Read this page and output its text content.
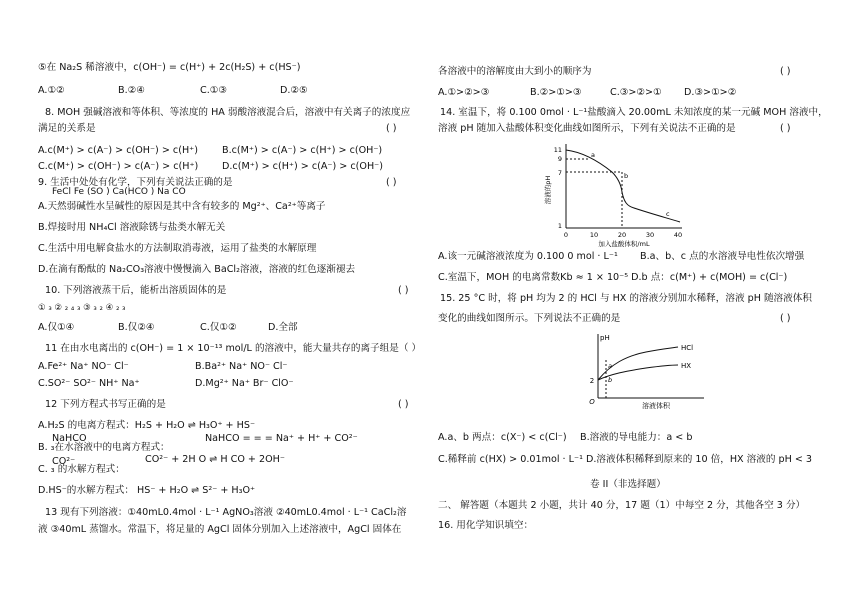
⑤在 Na₂S 稀溶液中，c(OH⁻) = c(H⁺) + 2c(H₂S) + c(HS⁻)
A.①②	B.②④	C.①③	D.②⑤
8. MOH 强碱溶液和等体积、等浓度的 HA 弱酸溶液混合后，溶液中有关离子的浓度应
满足的关系是	( )
A.c(M⁺) > c(A⁻) > c(OH⁻) > c(H⁺)	B.c(M⁺) > c(A⁻) > c(H⁺) > c(OH⁻)
C.c(M⁺) > c(OH⁻) > c(A⁻) > c(H⁺) D.c(M⁺) > c(H⁺) > c(A⁻) > c(OH⁻)
9. 生活中处处有化学，下列有关说法正确的是	( )
FeCl Fe (SO ) Ca(HCO ) Na CO
A.天然弱碱性水呈碱性的原因是其中含有较多的 Mg²⁺、Ca²⁺等离子
B.焊接时用 NH₄Cl 溶液除锈与盐类水解无关
C.生活中用电解食盐水的方法制取消毒液，运用了盐类的水解原理
D.在滴有酚酞的 Na₂CO₃溶液中慢慢滴入 BaCl₂溶液，溶液的红色逐渐褪去
10. 下列溶液蒸干后，能析出溶质固体的是	( )
① ₃ ② ₂ ₄ ₃ ③ ₃ ₂ ④ ₂ ₃
A.仅①④	B.仅②④	C.仅①②	D.全部
11 在由水电离出的 c(OH⁻) = 1 × 10⁻¹³ mol/L 的溶液中，能大量共存的离子组是（ ）
A.Fe²⁺ Na⁺ NO⁻ Cl⁻	B.Ba²⁺ Na⁺ NO⁻ Cl⁻
C.SO²⁻ SO²⁻ NH⁺ Na⁺	D.Mg²⁺ Na⁺ Br⁻ ClO⁻
12 下列方程式书写正确的是	( )
A.H₂S 的电离方程式：H₂S + H₂O ⇌ H₃O⁺ + HS⁻
NaHCO
B. ₃在水溶液中的电离方程式：
NaHCO = = = Na⁺ + H⁺ + CO²⁻
CO²⁻
C. ₃ 的水解方程式：
CO²⁻ + 2H O ⇌ H CO + 2OH⁻
D.HS⁻的水解方程式： HS⁻ + H₂O ⇌ S²⁻ + H₃O⁺
13 现有下列溶液：①40mL0.4mol · L⁻¹ AgNO₃溶液 ②40mL0.4mol · L⁻¹ CaCl₂溶
液 ③40mL 蒸馏水。常温下，将足量的 AgCl 固体分别加入上述溶液中，AgCl 固体在
各溶液中的溶解度由大到小的顺序为	( )
A.①>②>③	B.②>①>③	C.③>②>① D.③>①>②
14. 室温下，将 0.100 0mol · L⁻¹盐酸滴入 20.00mL 未知浓度的某一元碱 MOH 溶液中，
溶液 pH 随加入盐酸体积变化曲线如图所示，下列有关说法不正确的是	( )
溶液的pH
11
9
7
1
0	10	20	30	40
加入盐酸体积/mL
a
b
c
A.该一元碱溶液浓度为 0.100 0 mol · L⁻¹ B.a、b、c 点的水溶液导电性依次增强
C.室温下，MOH 的电离常数Kb ≈ 1 × 10⁻⁵ D.b 点：c(M⁺) + c(MOH) = c(Cl⁻)
15. 25 °C 时，将 pH 均为 2 的 HCl 与 HX 的溶液分别加水稀释，溶液 pH 随溶液体积
变化的曲线如图所示。下列说法不正确的是	( )
pH
2
O	溶液体积
HCl
HX
a
b
A.a、b 两点：c(X⁻) < c(Cl⁻) B.溶液的导电能力：a < b
C.稀释前 c(HX) > 0.01mol · L⁻¹ D.溶液体积稀释到原来的 10 倍，HX 溶液的 pH < 3
卷 II（非选择题）
二、 解答题（本题共 2 小题，共计 40 分，17 题（1）中每空 2 分，其他各空 3 分）
16. 用化学知识填空：
